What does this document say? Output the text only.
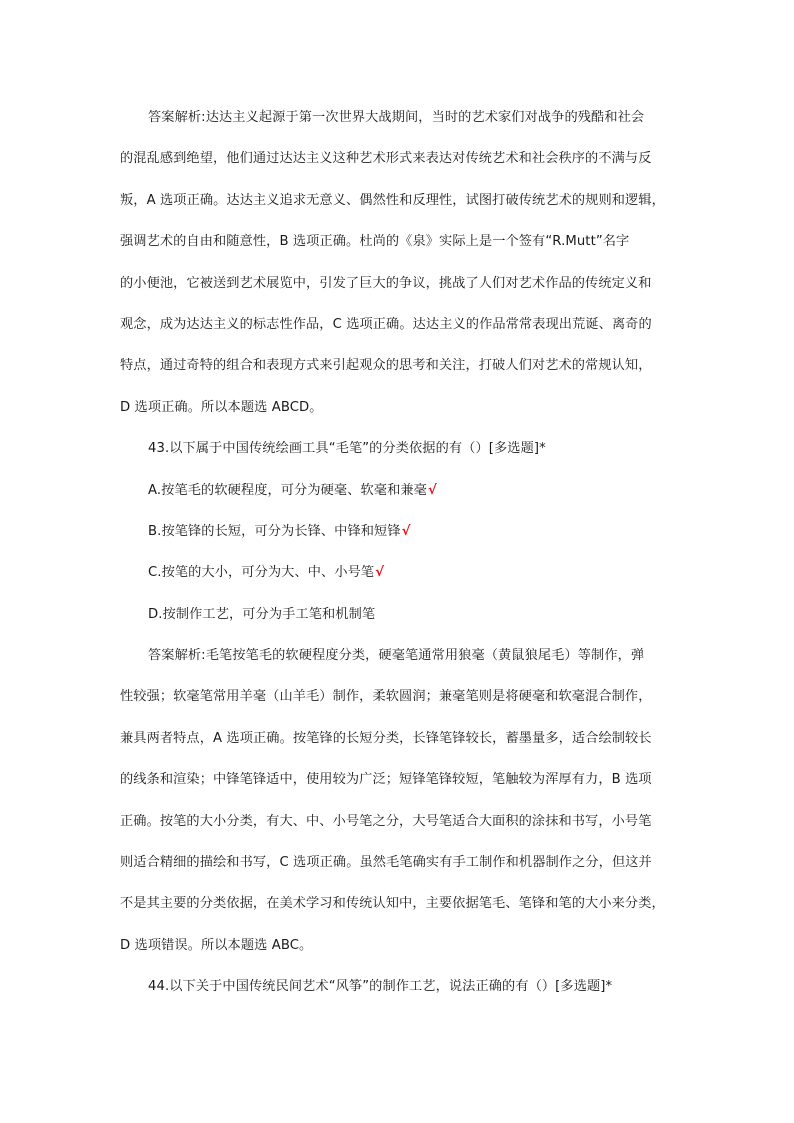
答案解析:达达主义起源于第一次世界大战期间，当时的艺术家们对战争的残酷和社会
的混乱感到绝望，他们通过达达主义这种艺术形式来表达对传统艺术和社会秩序的不满与反
叛，A 选项正确。达达主义追求无意义、偶然性和反理性，试图打破传统艺术的规则和逻辑，
强调艺术的自由和随意性，B 选项正确。杜尚的《泉》实际上是一个签有“R.Mutt”名字
的小便池，它被送到艺术展览中，引发了巨大的争议，挑战了人们对艺术作品的传统定义和
观念，成为达达主义的标志性作品，C 选项正确。达达主义的作品常常表现出荒诞、离奇的
特点，通过奇特的组合和表现方式来引起观众的思考和关注，打破人们对艺术的常规认知，
D 选项正确。所以本题选 ABCD。
43.以下属于中国传统绘画工具“毛笔”的分类依据的有（）[多选题]*
A.按笔毛的软硬程度，可分为硬毫、软毫和兼毫√
B.按笔锋的长短，可分为长锋、中锋和短锋√
C.按笔的大小，可分为大、中、小号笔√
D.按制作工艺，可分为手工笔和机制笔
答案解析:毛笔按笔毛的软硬程度分类，硬毫笔通常用狼毫（黄鼠狼尾毛）等制作，弹
性较强；软毫笔常用羊毫（山羊毛）制作，柔软圆润；兼毫笔则是将硬毫和软毫混合制作，
兼具两者特点，A 选项正确。按笔锋的长短分类，长锋笔锋较长，蓄墨量多，适合绘制较长
的线条和渲染；中锋笔锋适中，使用较为广泛；短锋笔锋较短，笔触较为浑厚有力，B 选项
正确。按笔的大小分类，有大、中、小号笔之分，大号笔适合大面积的涂抹和书写，小号笔
则适合精细的描绘和书写，C 选项正确。虽然毛笔确实有手工制作和机器制作之分，但这并
不是其主要的分类依据，在美术学习和传统认知中，主要依据笔毛、笔锋和笔的大小来分类，
D 选项错误。所以本题选 ABC。
44.以下关于中国传统民间艺术“风筝”的制作工艺，说法正确的有（）[多选题]*
